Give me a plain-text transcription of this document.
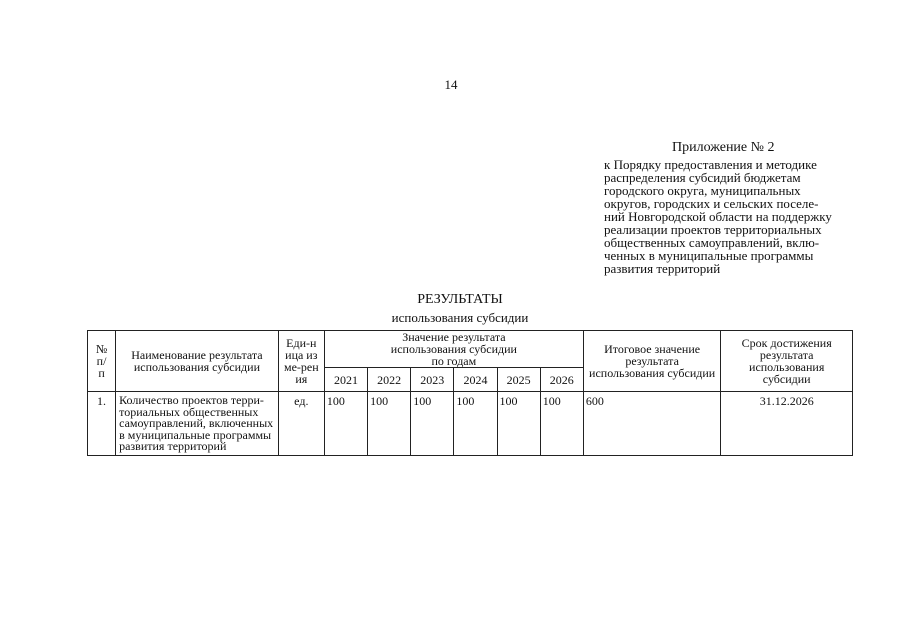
14
Приложение № 2
к Порядку предоставления и методике
распределения субсидий бюджетам
городского округа, муниципальных
округов, городских и сельских поселе-
ний Новгородской области на поддержку
реализации проектов территориальных
общественных самоуправлений, вклю-
ченных в муниципальные программы
развития территорий
РЕЗУЛЬТАТЫ
использования субсидии
№ п/п	Наименование результата использования субсидии	Еди-ница изме-рения	Значение результата использования субсидии по годам						Итоговое значение результата использования субсидии	Срок достижения результата использования субсидии
			2021	2022	2023	2024	2025	2026		
1.	Количество проектов терри-ториальных общественных самоуправлений, включенных в муниципальные программы развития территорий	ед.	100	100	100	100	100	100	600	31.12.2026
